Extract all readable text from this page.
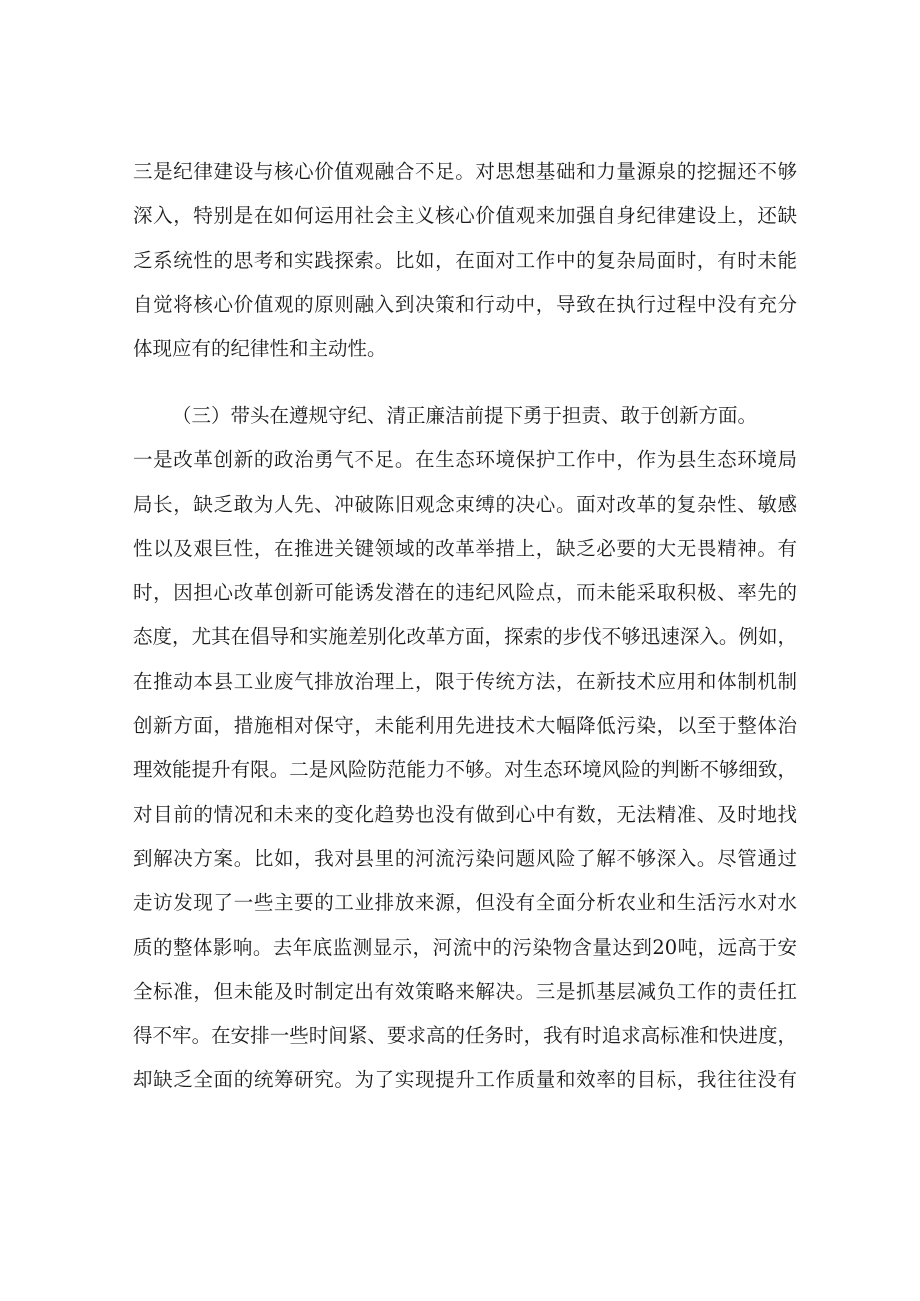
三是纪律建设与核心价值观融合不足。对思想基础和力量源泉的挖掘还不够
深入，特别是在如何运用社会主义核心价值观来加强自身纪律建设上，还缺
乏系统性的思考和实践探索。比如，在面对工作中的复杂局面时，有时未能
自觉将核心价值观的原则融入到决策和行动中，导致在执行过程中没有充分
体现应有的纪律性和主动性。
（三）带头在遵规守纪、清正廉洁前提下勇于担责、敢于创新方面。
一是改革创新的政治勇气不足。在生态环境保护工作中，作为县生态环境局
局长，缺乏敢为人先、冲破陈旧观念束缚的决心。面对改革的复杂性、敏感
性以及艰巨性，在推进关键领域的改革举措上，缺乏必要的大无畏精神。有
时，因担心改革创新可能诱发潜在的违纪风险点，而未能采取积极、率先的
态度，尤其在倡导和实施差别化改革方面，探索的步伐不够迅速深入。例如，
在推动本县工业废气排放治理上，限于传统方法，在新技术应用和体制机制
创新方面，措施相对保守，未能利用先进技术大幅降低污染，以至于整体治
理效能提升有限。二是风险防范能力不够。对生态环境风险的判断不够细致，
对目前的情况和未来的变化趋势也没有做到心中有数，无法精准、及时地找
到解决方案。比如，我对县里的河流污染问题风险了解不够深入。尽管通过
走访发现了一些主要的工业排放来源，但没有全面分析农业和生活污水对水
质的整体影响。去年底监测显示，河流中的污染物含量达到20吨，远高于安
全标准，但未能及时制定出有效策略来解决。三是抓基层减负工作的责任扛
得不牢。在安排一些时间紧、要求高的任务时，我有时追求高标准和快进度，
却缺乏全面的统筹研究。为了实现提升工作质量和效率的目标，我往往没有
